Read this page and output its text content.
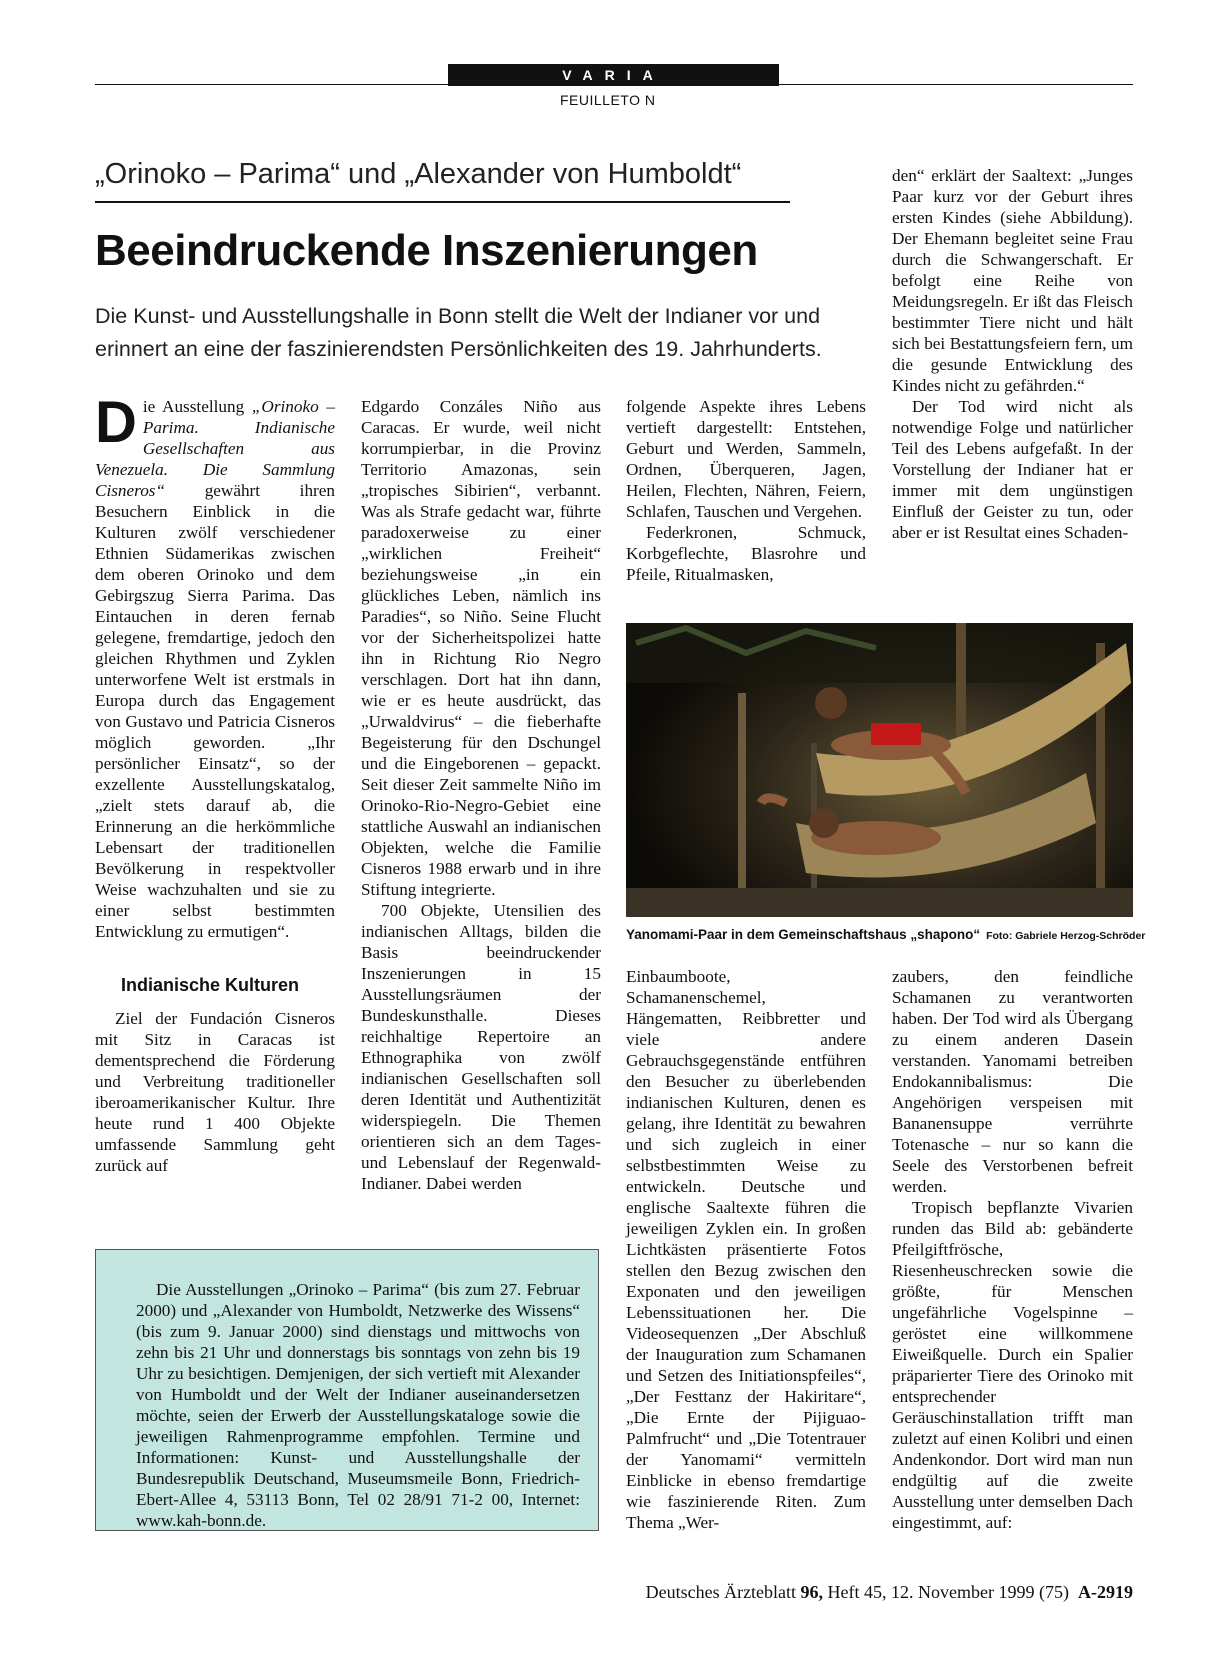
VARIA
FEUILLETO N
„Orinoko – Parima“ und „Alexander von Humboldt“
Beeindruckende Inszenierungen
Die Kunst- und Ausstellungshalle in Bonn stellt die Welt der Indianer vor und erinnert an eine der faszinierendsten Persönlichkeiten des 19. Jahrhunderts.

Die Ausstellung „Orinoko – Parima. Indianische Gesellschaften aus Venezuela. Die Sammlung Cisneros“ gewährt ihren Besuchern Einblick in die Kulturen zwölf verschiedener Ethnien Südamerikas zwischen dem oberen Orinoko und dem Gebirgszug Sierra Parima. Das Eintauchen in deren fernab gelegene, fremdartige, jedoch den gleichen Rhythmen und Zyklen unterworfene Welt ist erstmals in Europa durch das Engagement von Gustavo und Patricia Cisneros möglich geworden. „Ihr persönlicher Einsatz“, so der exzellente Ausstellungskatalog, „zielt stets darauf ab, die Erinnerung an die herkömmliche Lebensart der traditionellen Bevölkerung in respektvoller Weise wachzuhalten und sie zu einer selbst bestimmten Entwicklung zu ermutigen“.

Indianische Kulturen

Ziel der Fundación Cisneros mit Sitz in Caracas ist dementsprechend die Förderung und Verbreitung traditioneller iberoamerikanischer Kultur. Ihre heute rund 1 400 Objekte umfassende Sammlung geht zurück auf

Edgardo Conzáles Niño aus Caracas. Er wurde, weil nicht korrumpierbar, in die Provinz Territorio Amazonas, sein „tropisches Sibirien“, verbannt. Was als Strafe gedacht war, führte paradoxerweise zu einer „wirklichen Freiheit“ beziehungsweise „in ein glückliches Leben, nämlich ins Paradies“, so Niño. Seine Flucht vor der Sicherheitspolizei hatte ihn in Richtung Rio Negro verschlagen. Dort hat ihn dann, wie er es heute ausdrückt, das „Urwaldvirus“ – die fieberhafte Begeisterung für den Dschungel und die Eingeborenen – gepackt. Seit dieser Zeit sammelte Niño im Orinoko-Rio-Negro-Gebiet eine stattliche Auswahl an indianischen Objekten, welche die Familie Cisneros 1988 erwarb und in ihre Stiftung integrierte.

700 Objekte, Utensilien des indianischen Alltags, bilden die Basis beeindruckender Inszenierungen in 15 Ausstellungsräumen der Bundeskunsthalle. Dieses reichhaltige Repertoire an Ethnographika von zwölf indianischen Gesellschaften soll deren Identität und Authentizität widerspiegeln. Die Themen orientieren sich an dem Tages- und Lebenslauf der Regenwald-Indianer. Dabei werden

folgende Aspekte ihres Lebens vertieft dargestellt: Entstehen, Geburt und Werden, Sammeln, Ordnen, Überqueren, Jagen, Heilen, Flechten, Nähren, Feiern, Schlafen, Tauschen und Vergehen.

Federkronen, Schmuck, Korbgeflechte, Blasrohre und Pfeile, Ritualmasken,

den“ erklärt der Saaltext: „Junges Paar kurz vor der Geburt ihres ersten Kindes (siehe Abbildung). Der Ehemann begleitet seine Frau durch die Schwangerschaft. Er befolgt eine Reihe von Meidungsregeln. Er ißt das Fleisch bestimmter Tiere nicht und hält sich bei Bestattungsfeiern fern, um die gesunde Entwicklung des Kindes nicht zu gefährden.“

Der Tod wird nicht als notwendige Folge und natürlicher Teil des Lebens aufgefaßt. In der Vorstellung der Indianer hat er immer mit dem ungünstigen Einfluß der Geister zu tun, oder aber er ist Resultat eines Schaden-

Yanomami-Paar in dem Gemeinschaftshaus „shapono“ Foto: Gabriele Herzog-Schröder

Einbaumboote, Schamanenschemel, Hängematten, Reibbretter und viele andere Gebrauchsgegenstände entführen den Besucher zu überlebenden indianischen Kulturen, denen es gelang, ihre Identität zu bewahren und sich zugleich in einer selbstbestimmten Weise zu entwickeln. Deutsche und englische Saaltexte führen die jeweiligen Zyklen ein. In großen Lichtkästen präsentierte Fotos stellen den Bezug zwischen den Exponaten und den jeweiligen Lebenssituationen her. Die Videosequenzen „Der Abschluß der Inauguration zum Schamanen und Setzen des Initiationspfeiles“, „Der Festtanz der Hakiritare“, „Die Ernte der Pijiguao-Palmfrucht“ und „Die Totentrauer der Yanomami“ vermitteln Einblicke in ebenso fremdartige wie faszinierende Riten. Zum Thema „Wer-

zaubers, den feindliche Schamanen zu verantworten haben. Der Tod wird als Übergang zu einem anderen Dasein verstanden. Yanomami betreiben Endokannibalismus: Die Angehörigen verspeisen mit Bananensuppe verrührte Totenasche – nur so kann die Seele des Verstorbenen befreit werden.

Tropisch bepflanzte Vivarien runden das Bild ab: gebänderte Pfeilgiftfrösche, Riesenheuschrecken sowie die größte, für Menschen ungefährliche Vogelspinne – geröstet eine willkommene Eiweißquelle. Durch ein Spalier präparierter Tiere des Orinoko mit entsprechender Geräuschinstallation trifft man zuletzt auf einen Kolibri und einen Andenkondor. Dort wird man nun endgültig auf die zweite Ausstellung unter demselben Dach eingestimmt, auf:

Die Ausstellungen „Orinoko – Parima“ (bis zum 27. Februar 2000) und „Alexander von Humboldt, Netzwerke des Wissens“ (bis zum 9. Januar 2000) sind dienstags und mittwochs von zehn bis 21 Uhr und donnerstags bis sonntags von zehn bis 19 Uhr zu besichtigen. Demjenigen, der sich vertieft mit Alexander von Humboldt und der Welt der Indianer auseinandersetzen möchte, seien der Erwerb der Ausstellungskataloge sowie die jeweiligen Rahmenprogramme empfohlen. Termine und Informationen: Kunst- und Ausstellungshalle der Bundesrepublik Deutschand, Museumsmeile Bonn, Friedrich-Ebert-Allee 4, 53113 Bonn, Tel 02 28/91 71-2 00, Internet: www.kah-bonn.de.

Deutsches Ärzteblatt 96, Heft 45, 12. November 1999 (75) A-2919
